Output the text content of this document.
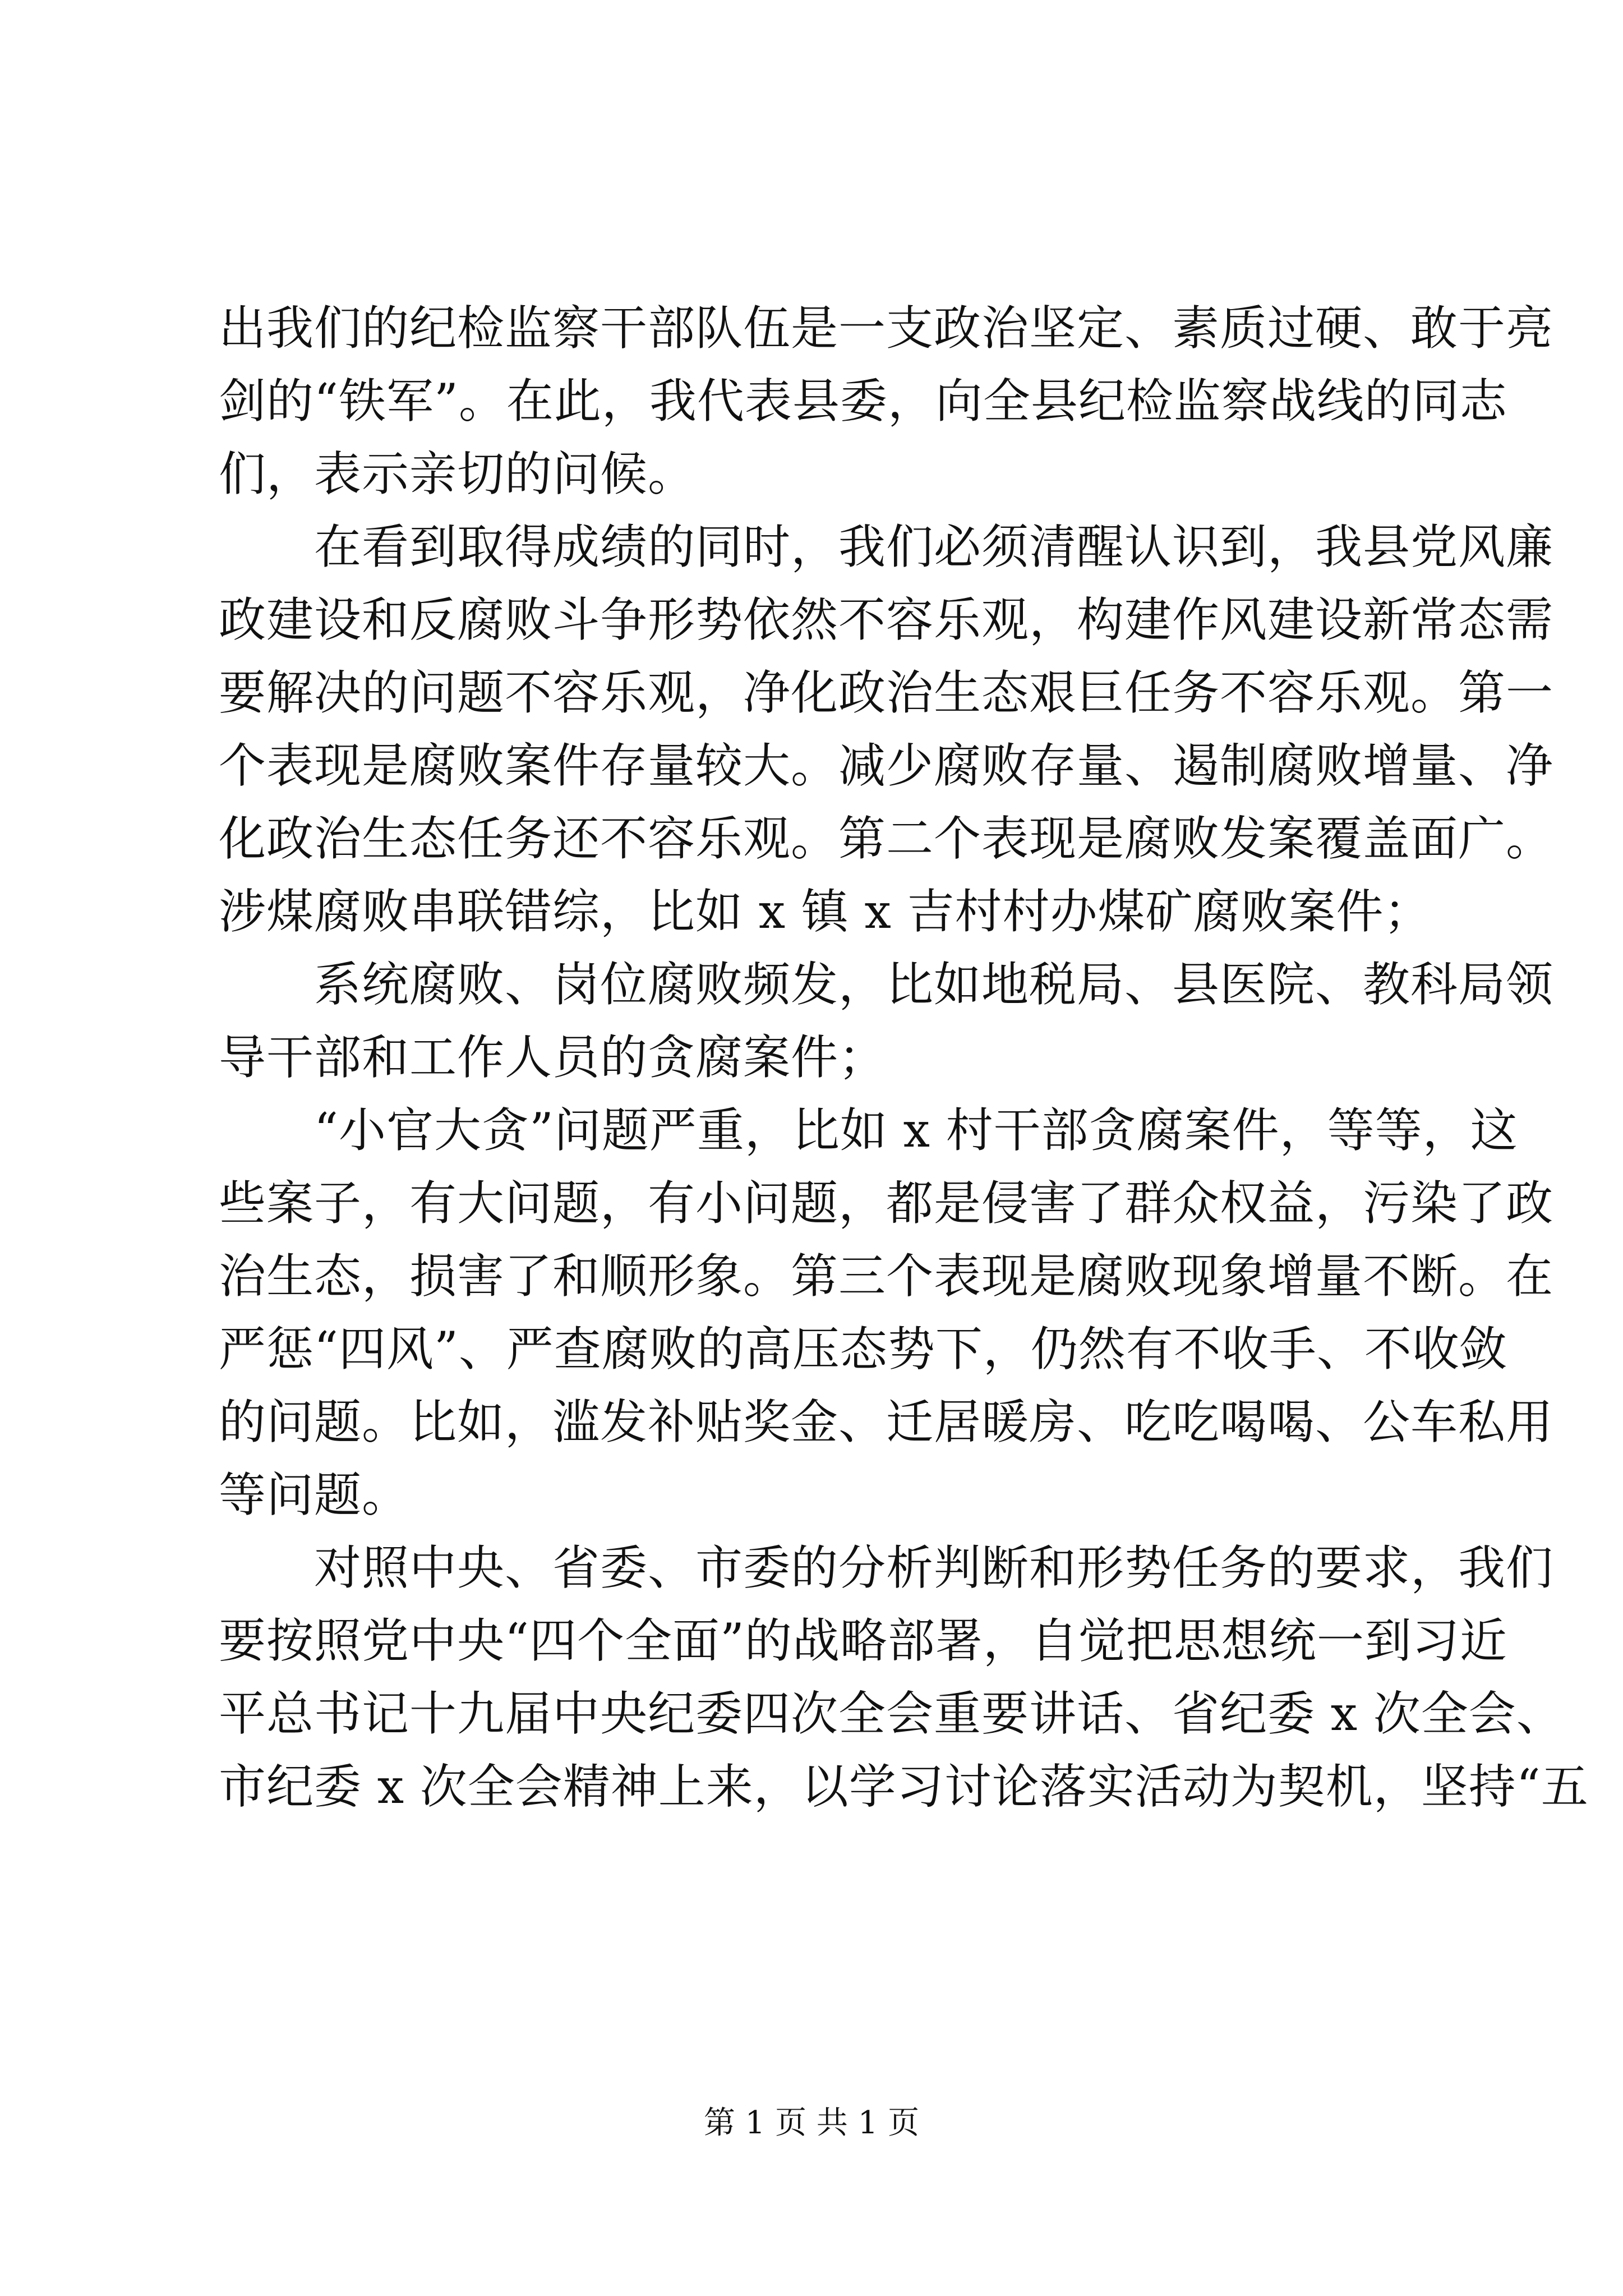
出我们的纪检监察干部队伍是一支政治坚定、素质过硬、敢于亮
剑的“铁军”。在此，我代表县委，向全县纪检监察战线的同志
们，表示亲切的问候。
　　在看到取得成绩的同时，我们必须清醒认识到，我县党风廉
政建设和反腐败斗争形势依然不容乐观，构建作风建设新常态需
要解决的问题不容乐观，净化政治生态艰巨任务不容乐观。第一
个表现是腐败案件存量较大。减少腐败存量、遏制腐败增量、净
化政治生态任务还不容乐观。第二个表现是腐败发案覆盖面广。
涉煤腐败串联错综，比如 x 镇 x 吉村村办煤矿腐败案件；
　　系统腐败、岗位腐败频发，比如地税局、县医院、教科局领
导干部和工作人员的贪腐案件；
　　“小官大贪”问题严重，比如 x 村干部贪腐案件，等等，这
些案子，有大问题，有小问题，都是侵害了群众权益，污染了政
治生态，损害了和顺形象。第三个表现是腐败现象增量不断。在
严惩“四风”、严查腐败的高压态势下，仍然有不收手、不收敛
的问题。比如，滥发补贴奖金、迁居暖房、吃吃喝喝、公车私用
等问题。
　　对照中央、省委、市委的分析判断和形势任务的要求，我们
要按照党中央“四个全面”的战略部署，自觉把思想统一到习近
平总书记十九届中央纪委四次全会重要讲话、省纪委 x 次全会、
市纪委 x 次全会精神上来，以学习讨论落实活动为契机，坚持“五
第 1 页 共 1 页
